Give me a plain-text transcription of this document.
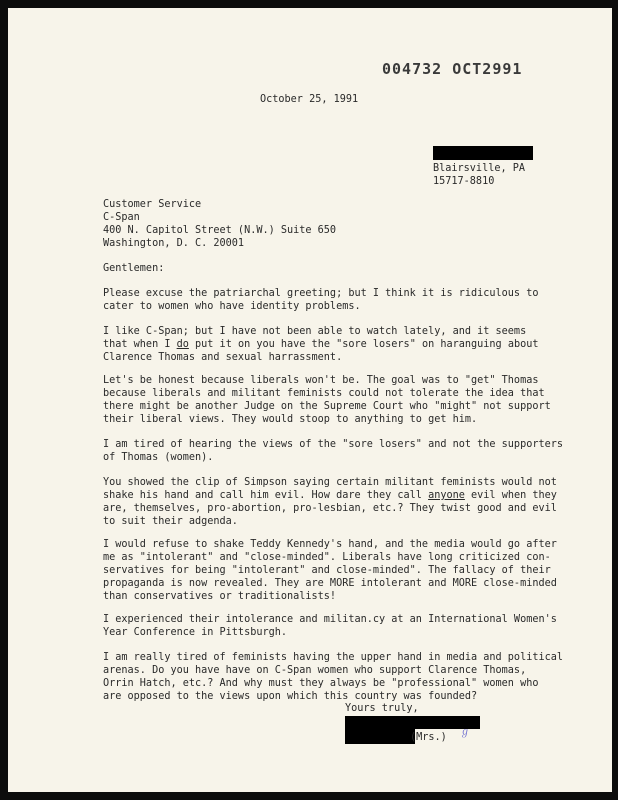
004732 OCT2991
October 25, 1991
Blairsville, PA
15717-8810
Customer Service
C-Span
400 N. Capitol Street (N.W.) Suite 650
Washington, D. C. 20001
Gentlemen:
Please excuse the patriarchal greeting; but I think it is ridiculous to
cater to women who have identity problems.
I like C-Span; but I have not been able to watch lately, and it seems
that when I do put it on you have the "sore losers" on haranguing about
Clarence Thomas and sexual harrassment.
Let's be honest because liberals won't be. The goal was to "get" Thomas
because liberals and militant feminists could not tolerate the idea that
there might be another Judge on the Supreme Court who "might" not support
their liberal views. They would stoop to anything to get him.
I am tired of hearing the views of the "sore losers" and not the supporters
of Thomas (women).
You showed the clip of Simpson saying certain militant feminists would not
shake his hand and call him evil. How dare they call anyone evil when they
are, themselves, pro-abortion, pro-lesbian, etc.? They twist good and evil
to suit their adgenda.
I would refuse to shake Teddy Kennedy's hand, and the media would go after
me as "intolerant" and "close-minded". Liberals have long criticized con-
servatives for being "intolerant" and close-minded". The fallacy of their
propaganda is now revealed. They are MORE intolerant and MORE close-minded
than conservatives or traditionalists!
I experienced their intolerance and militan.cy at an International Women's
Year Conference in Pittsburgh.
I am really tired of feminists having the upper hand in media and political
arenas. Do you have have on C-Span women who support Clarence Thomas,
Orrin Hatch, etc.? And why must they always be "professional" women who
are opposed to the views upon which this country was founded?
Yours truly,
(Mrs.) ℊ
